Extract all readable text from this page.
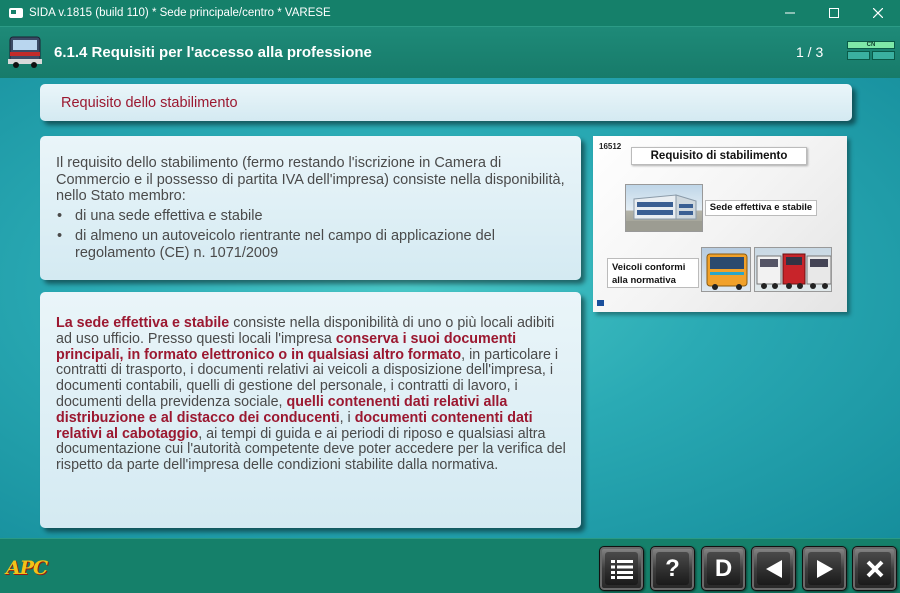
SIDA v.1815 (build 110) * Sede principale/centro * VARESE
6.1.4 Requisiti per l'accesso alla professione	1 / 3	CN
Requisito dello stabilimento

Il requisito dello stabilimento (fermo restando l'iscrizione in Camera di Commercio e il possesso di partita IVA dell'impresa) consiste nella disponibilità, nello Stato membro:

• di una sede effettiva e stabile
• di almeno un autoveicolo rientrante nel campo di applicazione del regolamento (CE) n. 1071/2009
La sede effettiva e stabile consiste nella disponibilità di uno o più locali adibiti ad uso ufficio. Presso questi locali l'impresa conserva i suoi documenti principali, in formato elettronico o in qualsiasi altro formato, in particolare i contratti di trasporto, i documenti relativi ai veicoli a disposizione dell'impresa, i documenti contabili, quelli di gestione del personale, i contratti di lavoro, i documenti della previdenza sociale, quelli contenenti dati relativi alla distribuzione e al distacco dei conducenti, i documenti contenenti dati relativi al cabotaggio, ai tempi di guida e ai periodi di riposo e qualsiasi altra documentazione cui l'autorità competente deve poter accedere per la verifica del rispetto da parte dell'impresa delle condizioni stabilite dalla normativa.
16512
Requisito di stabilimento
Sede effettiva e stabile
Veicoli conformi alla normativa
APC	?	D
